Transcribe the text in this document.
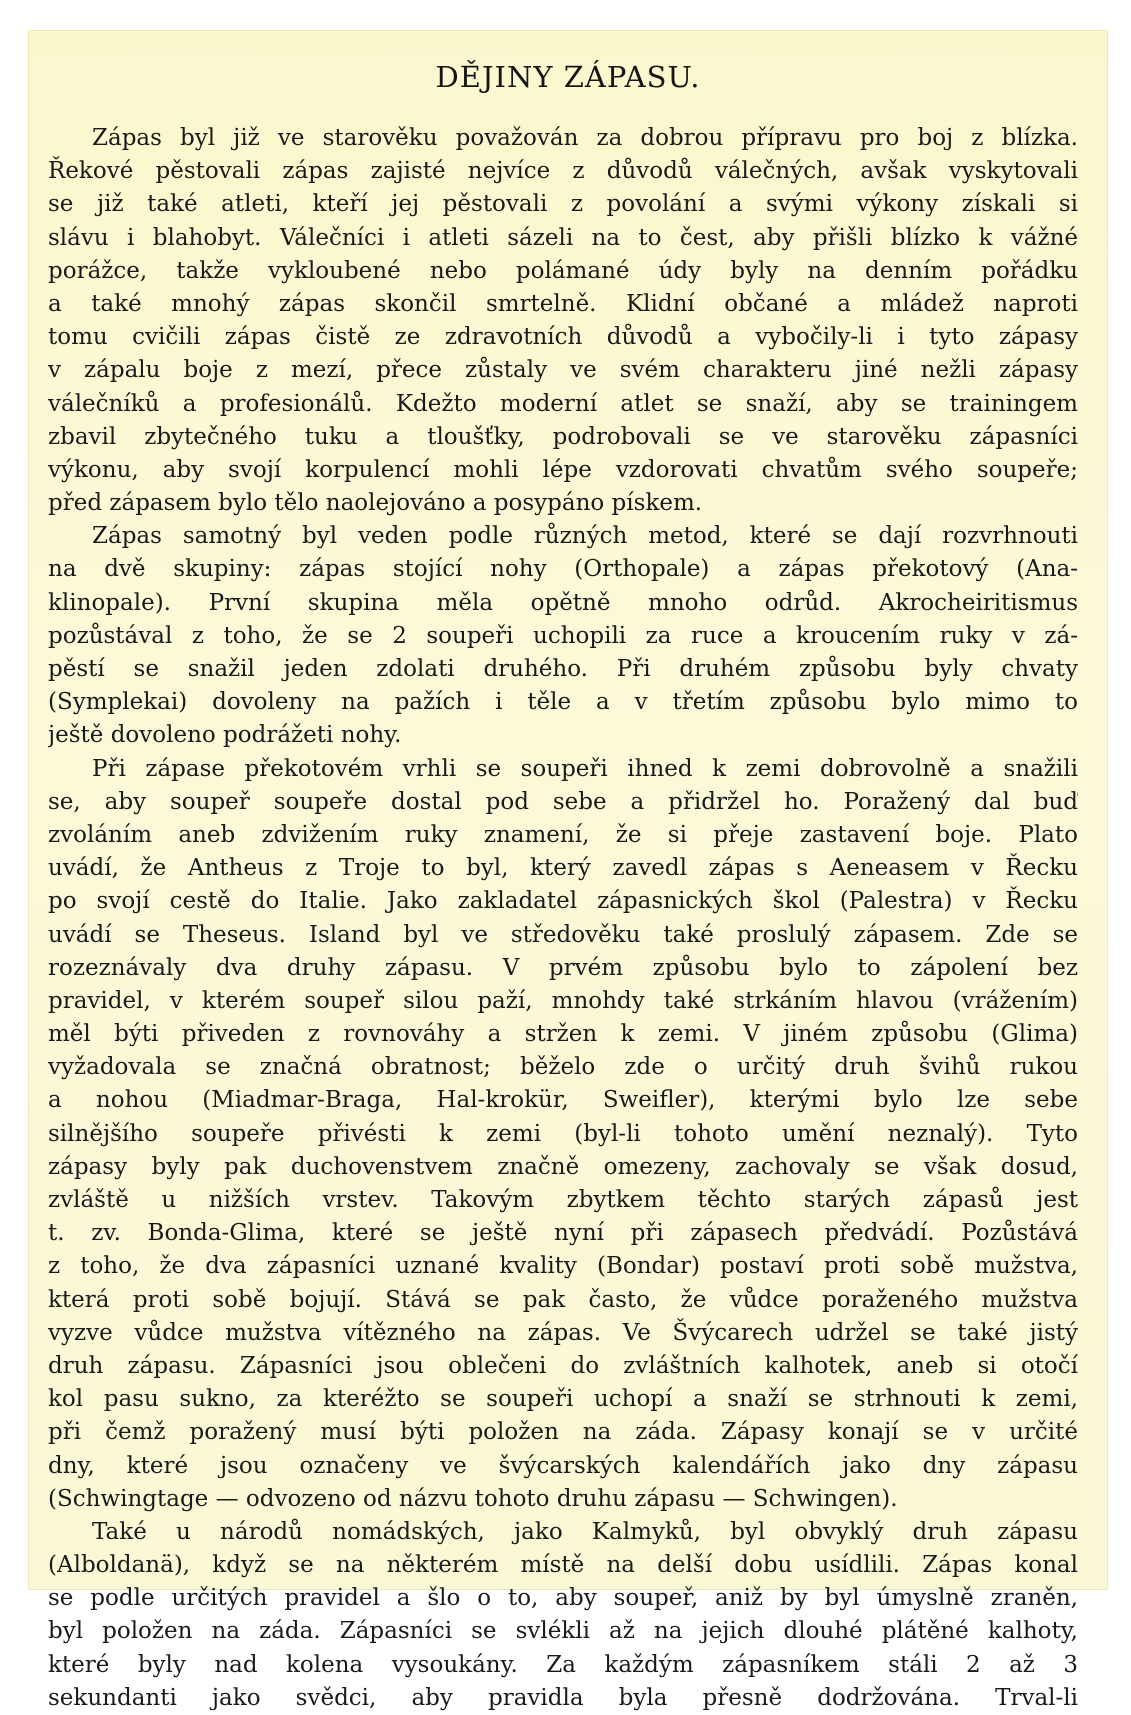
DĚJINY ZÁPASU.
Zápas byl již ve starověku považován za dobrou přípravu pro boj z blízka.
Řekové pěstovali zápas zajisté nejvíce z důvodů válečných, avšak vyskytovali
se již také atleti, kteří jej pěstovali z povolání a svými výkony získali si
slávu i blahobyt. Válečníci i atleti sázeli na to čest, aby přišli blízko k vážné
porážce, takže vykloubené nebo polámané údy byly na denním pořádku
a také mnohý zápas skončil smrtelně. Klidní občané a mládež naproti
tomu cvičili zápas čistě ze zdravotních důvodů a vybočily-li i tyto zápasy
v zápalu boje z mezí, přece zůstaly ve svém charakteru jiné nežli zápasy
válečníků a profesionálů. Kdežto moderní atlet se snaží, aby se trainingem
zbavil zbytečného tuku a tloušťky, podrobovali se ve starověku zápasníci
výkonu, aby svojí korpulencí mohli lépe vzdorovati chvatům svého soupeře;
před zápasem bylo tělo naolejováno a posypáno pískem.
Zápas samotný byl veden podle různých metod, které se dají rozvrhnouti
na dvě skupiny: zápas stojící nohy (Orthopale) a zápas překotový (Ana-
klinopale). První skupina měla opětně mnoho odrůd. Akrocheiritismus
pozůstával z toho, že se 2 soupeři uchopili za ruce a kroucením ruky v zá-
pěstí se snažil jeden zdolati druhého. Při druhém způsobu byly chvaty
(Symplekai) dovoleny na pažích i těle a v třetím způsobu bylo mimo to
ještě dovoleno podrážeti nohy.
Při zápase překotovém vrhli se soupeři ihned k zemi dobrovolně a snažili
se, aby soupeř soupeře dostal pod sebe a přidržel ho. Poražený dal buď
zvoláním aneb zdvižením ruky znamení, že si přeje zastavení boje. Plato
uvádí, že Antheus z Troje to byl, který zavedl zápas s Aeneasem v Řecku
po svojí cestě do Italie. Jako zakladatel zápasnických škol (Palestra) v Řecku
uvádí se Theseus. Island byl ve středověku také proslulý zápasem. Zde se
rozeznávaly dva druhy zápasu. V prvém způsobu bylo to zápolení bez
pravidel, v kterém soupeř silou paží, mnohdy také strkáním hlavou (vrážením)
měl býti přiveden z rovnováhy a stržen k zemi. V jiném způsobu (Glima)
vyžadovala se značná obratnost; běželo zde o určitý druh švihů rukou
a nohou (Miadmar-Braga, Hal-krokür, Sweifler), kterými bylo lze sebe
silnějšího soupeře přivésti k zemi (byl-li tohoto umění neznalý). Tyto
zápasy byly pak duchovenstvem značně omezeny, zachovaly se však dosud,
zvláště u nižších vrstev. Takovým zbytkem těchto starých zápasů jest
t. zv. Bonda-Glima, které se ještě nyní při zápasech předvádí. Pozůstává
z toho, že dva zápasníci uznané kvality (Bondar) postaví proti sobě mužstva,
která proti sobě bojují. Stává se pak často, že vůdce poraženého mužstva
vyzve vůdce mužstva vítězného na zápas. Ve Švýcarech udržel se také jistý
druh zápasu. Zápasníci jsou oblečeni do zvláštních kalhotek, aneb si otočí
kol pasu sukno, za kteréžto se soupeři uchopí a snaží se strhnouti k zemi,
při čemž poražený musí býti položen na záda. Zápasy konají se v určité
dny, které jsou označeny ve švýcarských kalendářích jako dny zápasu
(Schwingtage — odvozeno od názvu tohoto druhu zápasu — Schwingen).
Také u národů nomádských, jako Kalmyků, byl obvyklý druh zápasu
(Alboldanä), když se na některém místě na delší dobu usídlili. Zápas konal
se podle určitých pravidel a šlo o to, aby soupeř, aniž by byl úmyslně zraněn,
byl položen na záda. Zápasníci se svlékli až na jejich dlouhé plátěné kalhoty,
které byly nad kolena vysoukány. Za každým zápasníkem stáli 2 až 3
sekundanti jako svědci, aby pravidla byla přesně dodržována. Trval-li
